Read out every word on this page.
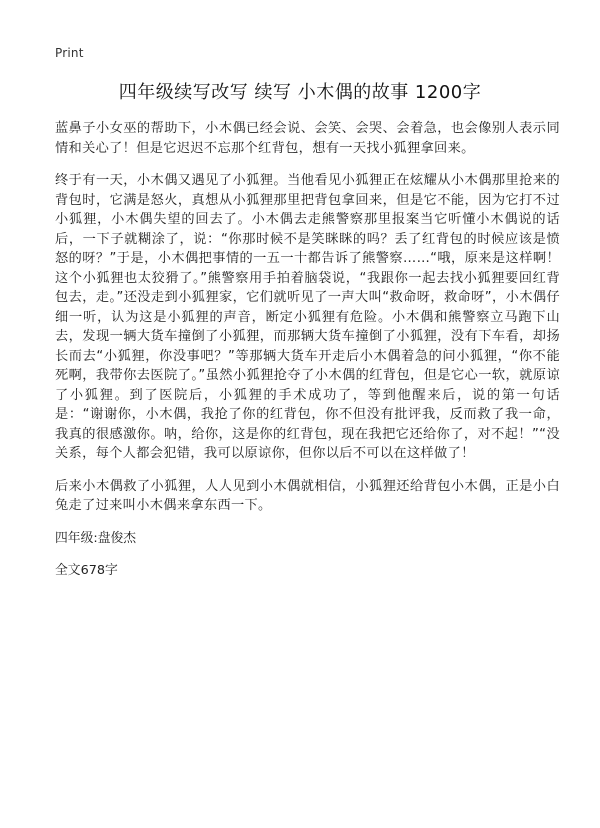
Print
四年级续写改写 续写 小木偶的故事 1200字

蓝鼻子小女巫的帮助下，小木偶已经会说、会笑、会哭、会着急，也会像别人表示同情和关心了！但是它迟迟不忘那个红背包，想有一天找小狐狸拿回来。

终于有一天，小木偶又遇见了小狐狸。当他看见小狐狸正在炫耀从小木偶那里抢来的背包时，它满是怒火，真想从小狐狸那里把背包拿回来，但是它不能，因为它打不过小狐狸，小木偶失望的回去了。小木偶去走熊警察那里报案当它听懂小木偶说的话后，一下子就糊涂了，说：“你那时候不是笑眯眯的吗？丢了红背包的时候应该是愤怒的呀？”于是，小木偶把事情的一五一十都告诉了熊警察……“哦，原来是这样啊！这个小狐狸也太狡猾了。”熊警察用手拍着脑袋说，“我跟你一起去找小狐狸要回红背包去，走。”还没走到小狐狸家，它们就听见了一声大叫“救命呀，救命呀”，小木偶仔细一听，认为这是小狐狸的声音，断定小狐狸有危险。小木偶和熊警察立马跑下山去，发现一辆大货车撞倒了小狐狸，而那辆大货车撞倒了小狐狸，没有下车看，却扬长而去“小狐狸，你没事吧？”等那辆大货车开走后小木偶着急的问小狐狸，“你不能死啊，我带你去医院了。”虽然小狐狸抢夺了小木偶的红背包，但是它心一软，就原谅了小狐狸。到了医院后，小狐狸的手术成功了，等到他醒来后，说的第一句话是：“谢谢你，小木偶，我抢了你的红背包，你不但没有批评我，反而救了我一命，我真的很感激你。呐，给你，这是你的红背包，现在我把它还给你了，对不起！”“没关系，每个人都会犯错，我可以原谅你，但你以后不可以在这样做了！

后来小木偶救了小狐狸，人人见到小木偶就相信，小狐狸还给背包小木偶，正是小白兔走了过来叫小木偶来拿东西一下。

四年级:盘俊杰

全文678字
